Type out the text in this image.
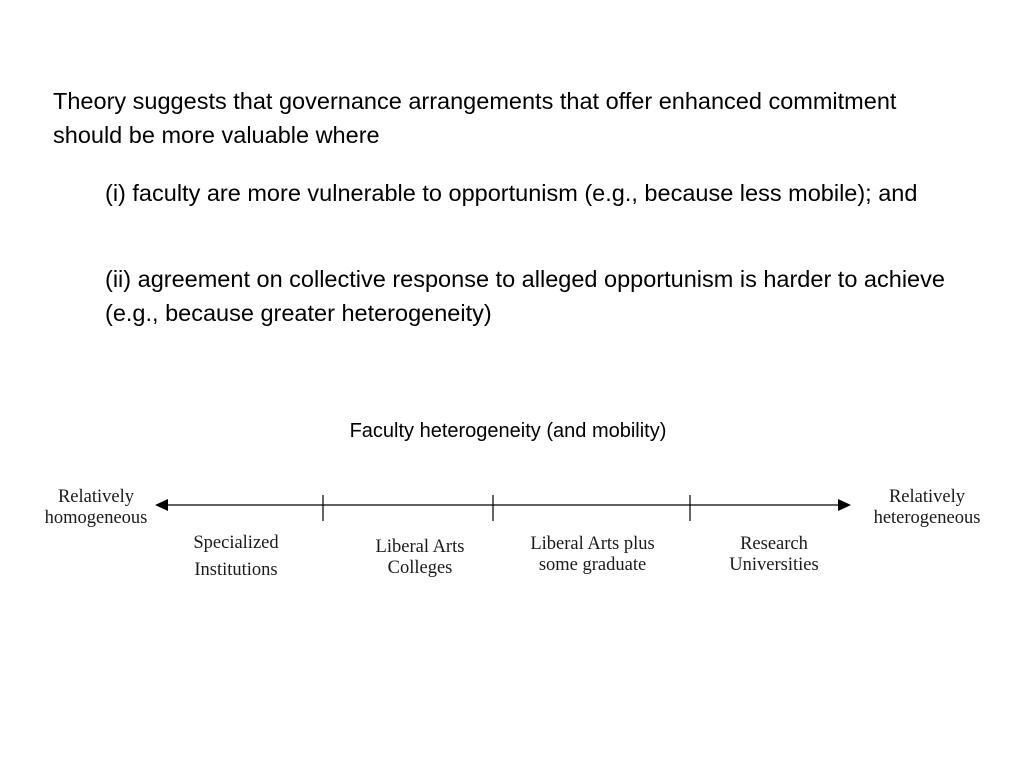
Theory suggests that governance arrangements that offer enhanced commitment should be more valuable where

(i) faculty are more vulnerable to opportunism (e.g., because less mobile); and

(ii) agreement on collective response to alleged opportunism is harder to achieve (e.g., because greater heterogeneity)

Faculty heterogeneity (and mobility)
Relatively
homogeneous
Relatively
heterogeneous
Specialized
Institutions
Liberal Arts
Colleges
Liberal Arts plus
some graduate
Research
Universities
